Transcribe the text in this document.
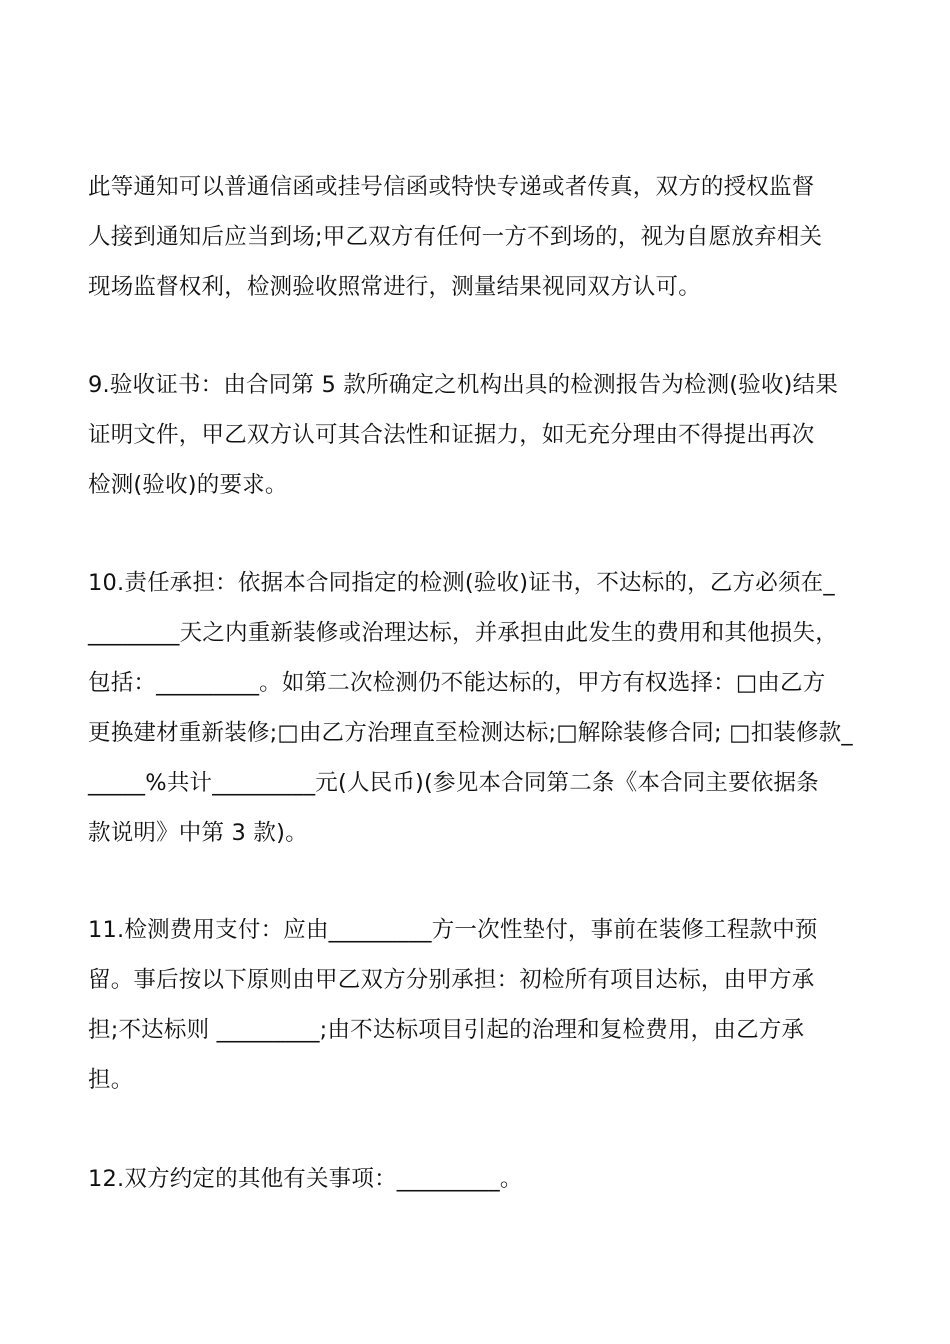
此等通知可以普通信函或挂号信函或特快专递或者传真，双方的授权监督
人接到通知后应当到场;甲乙双方有任何一方不到场的，视为自愿放弃相关
现场监督权利，检测验收照常进行，测量结果视同双方认可。
9.验收证书：由合同第 5 款所确定之机构出具的检测报告为检测(验收)结果
证明文件，甲乙双方认可其合法性和证据力，如无充分理由不得提出再次
检测(验收)的要求。
10.责任承担：依据本合同指定的检测(验收)证书，不达标的，乙方必须在_
________天之内重新装修或治理达标，并承担由此发生的费用和其他损失，
包括：_________。如第二次检测仍不能达标的，甲方有权选择：□由乙方
更换建材重新装修;□由乙方治理直至检测达标;□解除装修合同; □扣装修款_
_____%共计_________元(人民币)(参见本合同第二条《本合同主要依据条
款说明》中第 3 款)。
11.检测费用支付：应由_________方一次性垫付，事前在装修工程款中预
留。事后按以下原则由甲乙双方分别承担：初检所有项目达标，由甲方承
担;不达标则 _________;由不达标项目引起的治理和复检费用，由乙方承
担。
12.双方约定的其他有关事项：_________。
